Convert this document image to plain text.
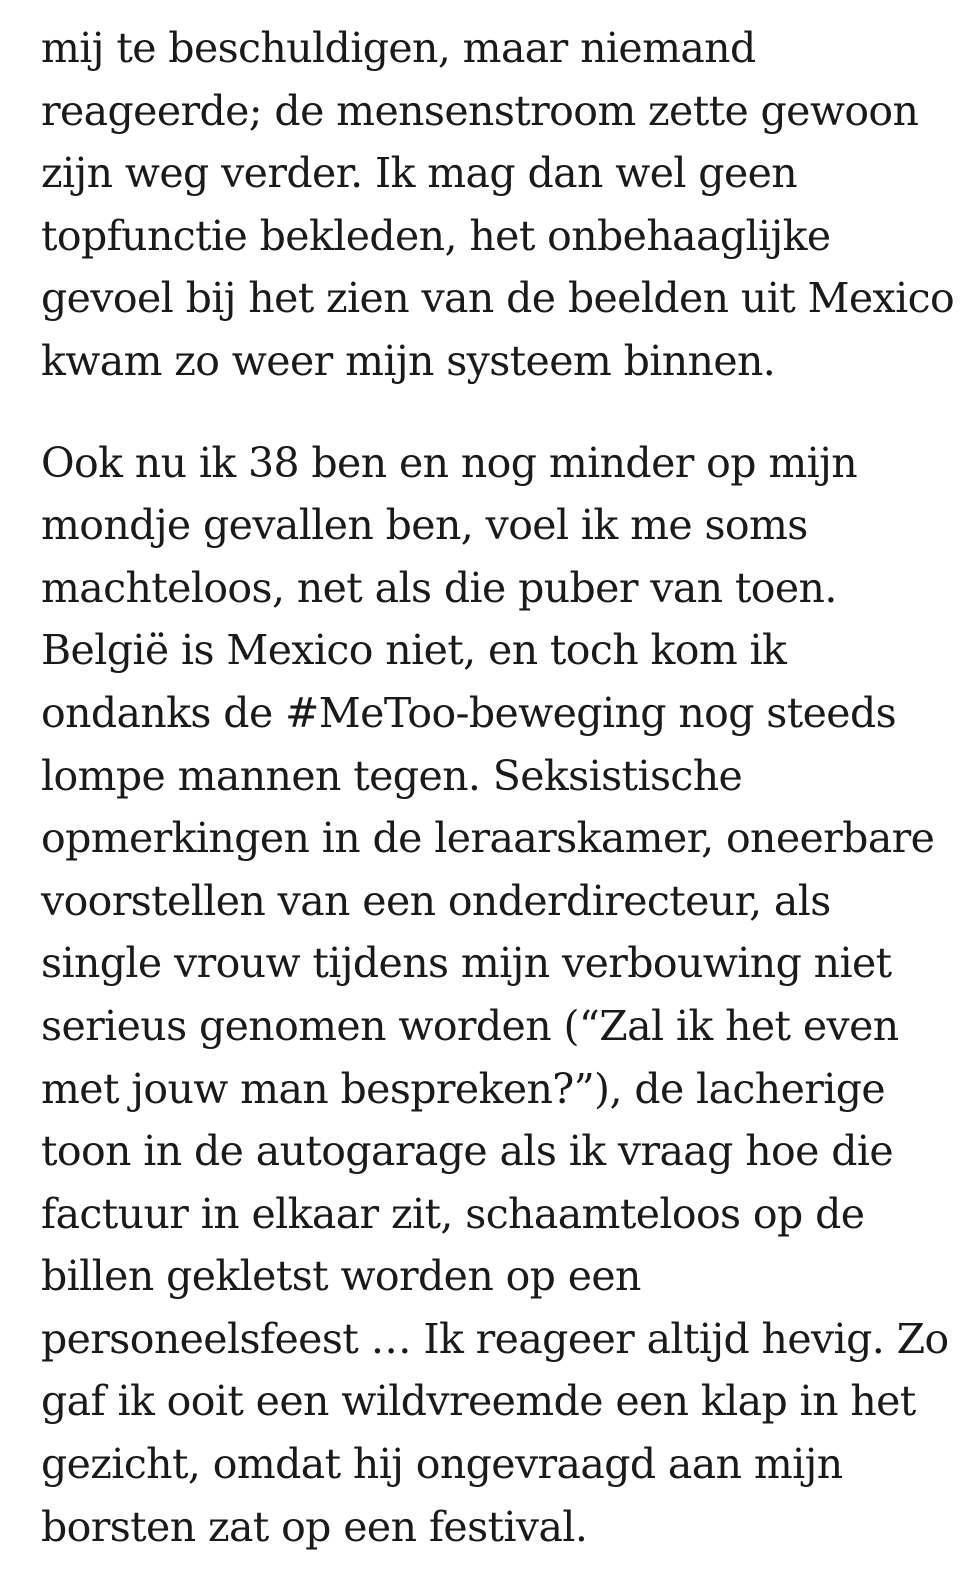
mij te beschuldigen, maar niemand
reageerde; de mensenstroom zette gewoon
zijn weg verder. Ik mag dan wel geen
topfunctie bekleden, het onbehaaglijke
gevoel bij het zien van de beelden uit Mexico
kwam zo weer mijn systeem binnen.

Ook nu ik 38 ben en nog minder op mijn
mondje gevallen ben, voel ik me soms
machteloos, net als die puber van toen.
België is Mexico niet, en toch kom ik
ondanks de #MeToo-beweging nog steeds
lompe mannen tegen. Seksistische
opmerkingen in de leraarskamer, oneerbare
voorstellen van een onderdirecteur, als
single vrouw tijdens mijn verbouwing niet
serieus genomen worden (“Zal ik het even
met jouw man bespreken?”), de lacherige
toon in de autogarage als ik vraag hoe die
factuur in elkaar zit, schaamteloos op de
billen gekletst worden op een
personeelsfeest … Ik reageer altijd hevig. Zo
gaf ik ooit een wildvreemde een klap in het
gezicht, omdat hij ongevraagd aan mijn
borsten zat op een festival.
